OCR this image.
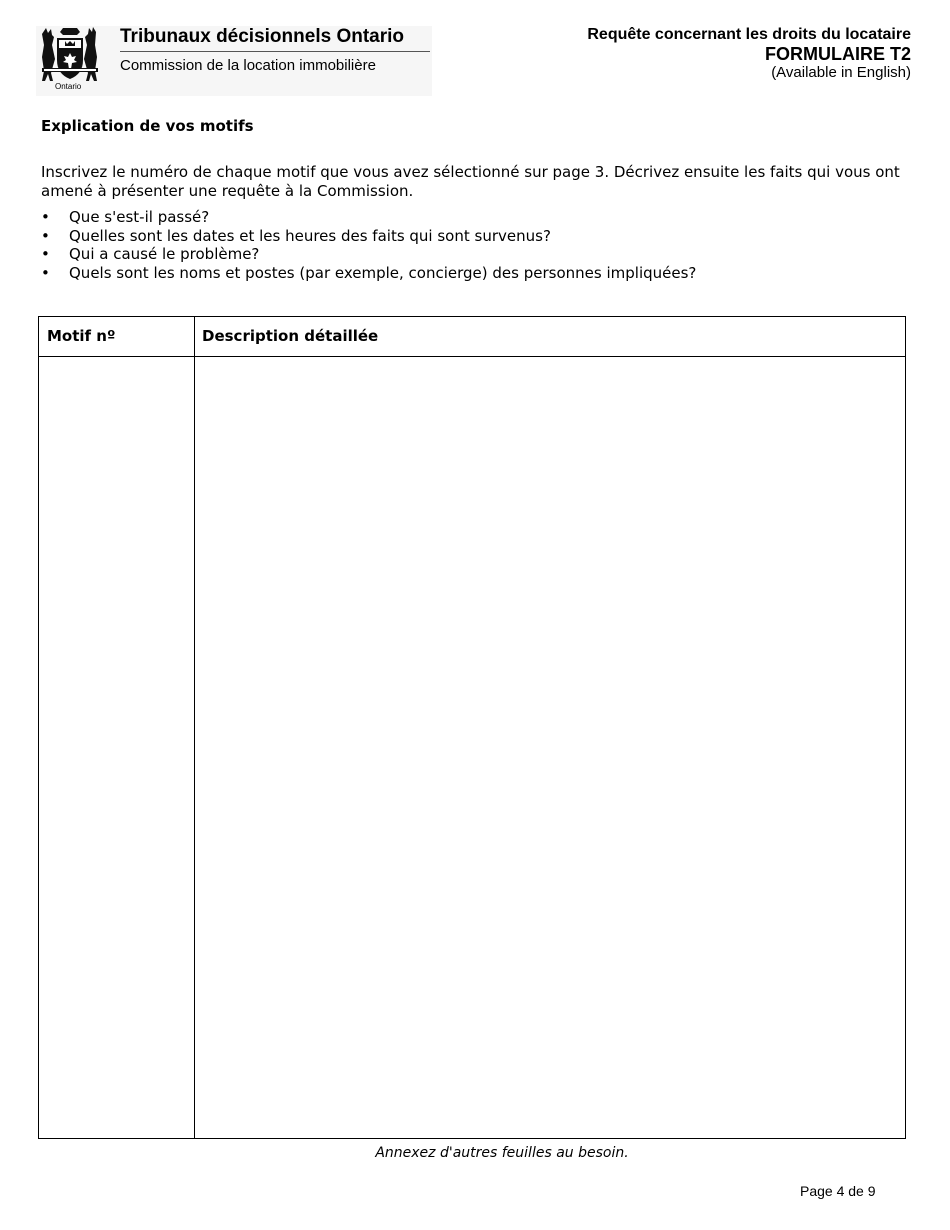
Ontario
Tribunaux décisionnels Ontario
Commission de la location immobilière
Requête concernant les droits du locataire
FORMULAIRE T2
(Available in English)
Explication de vos motifs
Inscrivez le numéro de chaque motif que vous avez sélectionné sur page 3. Décrivez ensuite les faits qui vous ont amené à présenter une requête à la Commission.
• Que s'est-il passé?
• Quelles sont les dates et les heures des faits qui sont survenus?
• Qui a causé le problème?
• Quels sont les noms et postes (par exemple, concierge) des personnes impliquées?
Motif nº	Description détaillée
Annexez d'autres feuilles au besoin.
Page 4 de 9
